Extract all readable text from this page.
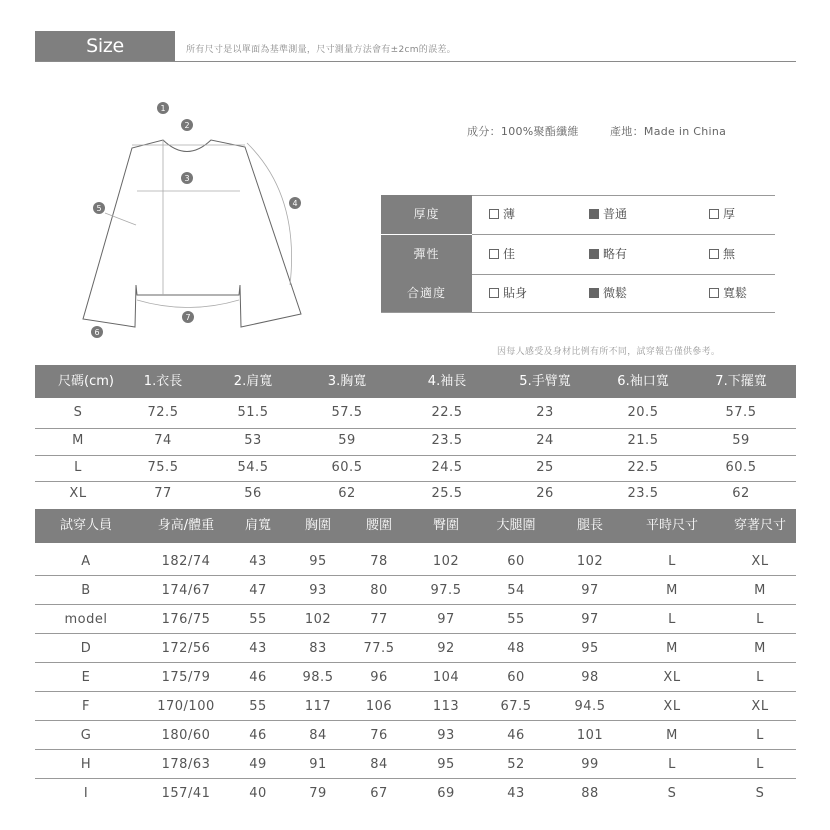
Size Information
所有尺寸是以單面為基準測量，尺寸測量方法會有±2cm的誤差。
1
2
3
4
5
6
7
成分：100%聚酯纖維	產地：Made in China
厚度	薄	普通	厚
彈性	佳	略有	無
合適度	貼身	微鬆	寬鬆
因每人感受及身材比例有所不同，試穿報告僅供參考。
尺碼(cm)	1.衣長	2.肩寬	3.胸寬	4.袖長	5.手臂寬	6.袖口寬	7.下擺寬
S	72.5	51.5	57.5	22.5	23	20.5	57.5
M	74	53	59	23.5	24	21.5	59
L	75.5	54.5	60.5	24.5	25	22.5	60.5
XL	77	56	62	25.5	26	23.5	62
試穿人員	身高/體重	肩寬	胸圍	腰圍	臀圍	大腿圍	腿長	平時尺寸	穿著尺寸
A	182/74	43	95	78	102	60	102	L	XL
B	174/67	47	93	80	97.5	54	97	M	M
model	176/75	55	102	77	97	55	97	L	L
D	172/56	43	83	77.5	92	48	95	M	M
E	175/79	46	98.5	96	104	60	98	XL	L
F	170/100	55	117	106	113	67.5	94.5	XL	XL
G	180/60	46	84	76	93	46	101	M	L
H	178/63	49	91	84	95	52	99	L	L
I	157/41	40	79	67	69	43	88	S	S
